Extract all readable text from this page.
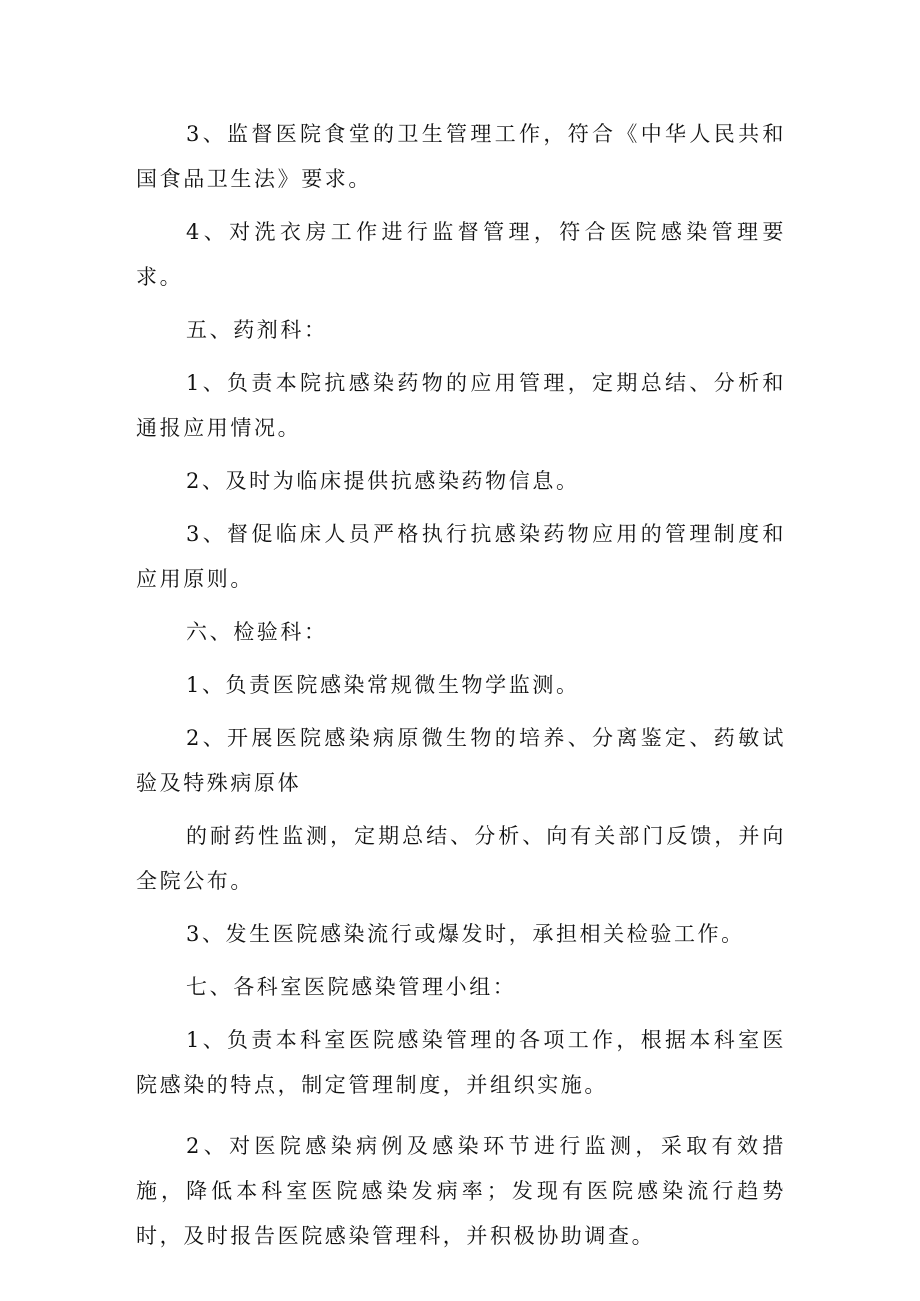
3、监督医院食堂的卫生管理工作，符合《中华人民共和国食品卫生法》要求。

4、对洗衣房工作进行监督管理，符合医院感染管理要求。

五、药剂科：

1、负责本院抗感染药物的应用管理，定期总结、分析和通报应用情况。

2、及时为临床提供抗感染药物信息。

3、督促临床人员严格执行抗感染药物应用的管理制度和应用原则。

六、检验科：

1、负责医院感染常规微生物学监测。

2、开展医院感染病原微生物的培养、分离鉴定、药敏试验及特殊病原体

的耐药性监测，定期总结、分析、向有关部门反馈，并向全院公布。

3、发生医院感染流行或爆发时，承担相关检验工作。

七、各科室医院感染管理小组：

1、负责本科室医院感染管理的各项工作，根据本科室医院感染的特点，制定管理制度，并组织实施。

2、对医院感染病例及感染环节进行监测，采取有效措施，降低本科室医院感染发病率；发现有医院感染流行趋势时，及时报告医院感染管理科，并积极协助调查。
